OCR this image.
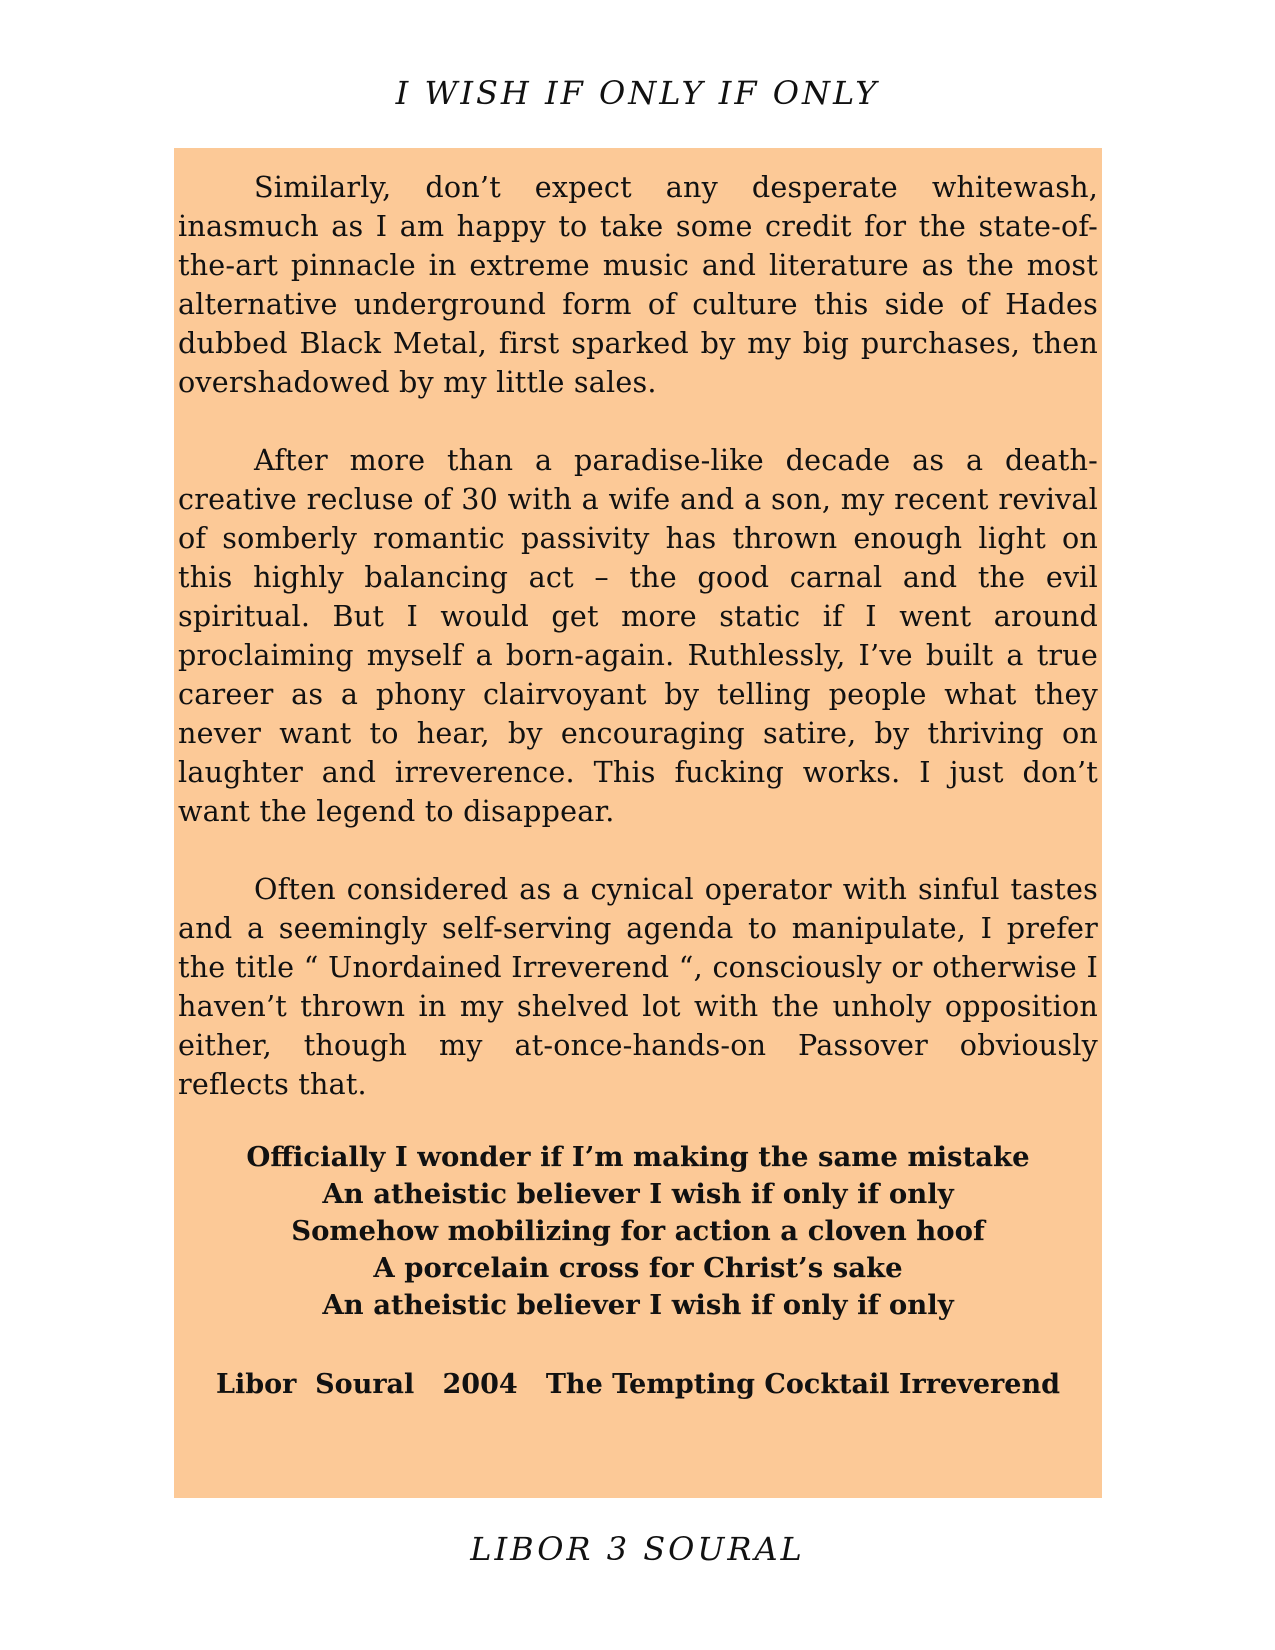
I WISH IF ONLY IF ONLY

Similarly, don’t expect any desperate whitewash, inasmuch as I am happy to take some credit for the state-of-the-art pinnacle in extreme music and literature as the most alternative underground form of culture this side of Hades dubbed Black Metal, first sparked by my big purchases, then overshadowed by my little sales.

After more than a paradise-like decade as a death-creative recluse of 30 with a wife and a son, my recent revival of somberly romantic passivity has thrown enough light on this highly balancing act – the good carnal and the evil spiritual. But I would get more static if I went around proclaiming myself a born-again. Ruthlessly, I’ve built a true career as a phony clairvoyant by telling people what they never want to hear, by encouraging satire, by thriving on laughter and irreverence. This fucking works. I just don’t want the legend to disappear.

Often considered as a cynical operator with sinful tastes and a seemingly self-serving agenda to manipulate, I prefer the title “ Unordained Irreverend “, consciously or otherwise I haven’t thrown in my shelved lot with the unholy opposition either, though my at-once-hands-on Passover obviously reflects that.

Officially I wonder if I’m making the same mistake
An atheistic believer I wish if only if only
Somehow mobilizing for action a cloven hoof
A porcelain cross for Christ’s sake
An atheistic believer I wish if only if only
Libor  Soural   2004   The Tempting Cocktail Irreverend
LIBOR 3 SOURAL
